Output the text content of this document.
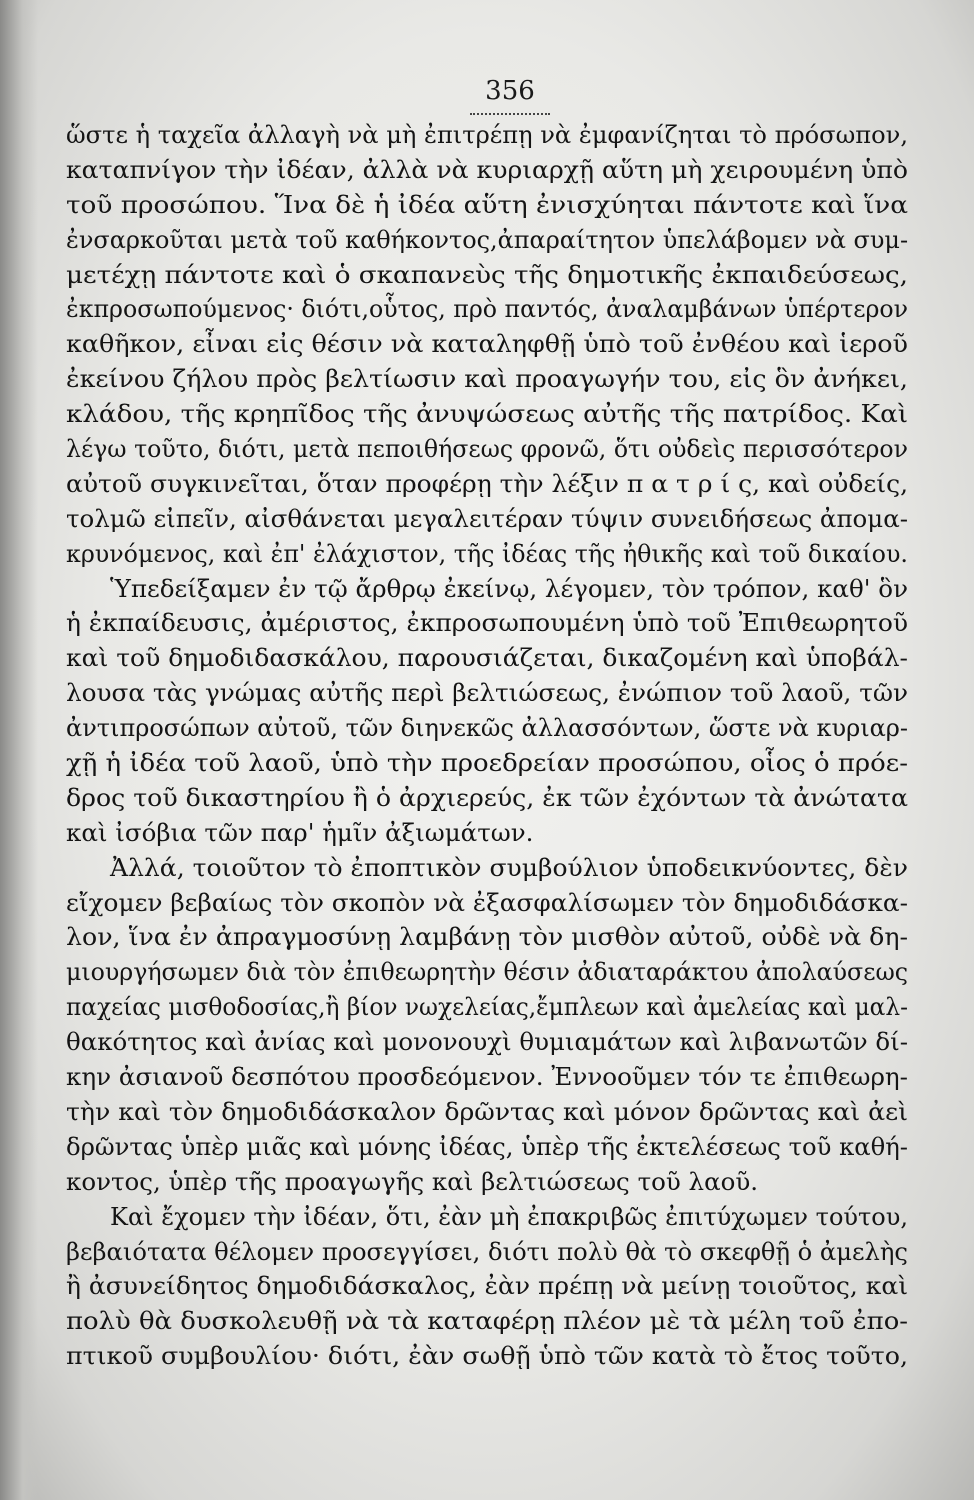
356
ὥστε ἡ ταχεῖα ἀλλαγὴ νὰ μὴ ἐπιτρέπῃ νὰ ἐμφανίζηται τὸ πρόσωπον,
καταπνίγον τὴν ἰδέαν, ἀλλὰ νὰ κυριαρχῇ αὕτη μὴ χειρουμένη ὑπὸ
τοῦ προσώπου. Ἵνα δὲ ἡ ἰδέα αὕτη ἐνισχύηται πάντοτε καὶ ἵνα
ἐνσαρκοῦται μετὰ τοῦ καθήκοντος,ἀπαραίτητον ὑπελάβομεν νὰ συμ-
μετέχῃ πάντοτε καὶ ὁ σκαπανεὺς τῆς δημοτικῆς ἐκπαιδεύσεως,
ἐκπροσωπούμενος· διότι,οὗτος, πρὸ παντός, ἀναλαμβάνων ὑπέρτερον
καθῆκον, εἶναι εἰς θέσιν νὰ καταληφθῇ ὑπὸ τοῦ ἐνθέου καὶ ἱεροῦ
ἐκείνου ζήλου πρὸς βελτίωσιν καὶ προαγωγήν του, εἰς ὃν ἀνήκει,
κλάδου, τῆς κρηπῖδος τῆς ἀνυψώσεως αὐτῆς τῆς πατρίδος. Καὶ
λέγω τοῦτο, διότι, μετὰ πεποιθήσεως φρονῶ, ὅτι οὐδεὶς περισσότερον
αὐτοῦ συγκινεῖται, ὅταν προφέρῃ τὴν λέξιν π α τ ρ ί ς, καὶ οὐδείς,
τολμῶ εἰπεῖν, αἰσθάνεται μεγαλειτέραν τύψιν συνειδήσεως ἀπομα-
κρυνόμενος, καὶ ἐπ' ἐλάχιστον, τῆς ἰδέας τῆς ἠθικῆς καὶ τοῦ δικαίου.
Ὑπεδείξαμεν ἐν τῷ ἄρθρῳ ἐκείνῳ, λέγομεν, τὸν τρόπον, καθ' ὃν
ἡ ἐκπαίδευσις, ἀμέριστος, ἐκπροσωπουμένη ὑπὸ τοῦ Ἐπιθεωρητοῦ
καὶ τοῦ δημοδιδασκάλου, παρουσιάζεται, δικαζομένη καὶ ὑποβάλ-
λουσα τὰς γνώμας αὐτῆς περὶ βελτιώσεως, ἐνώπιον τοῦ λαοῦ, τῶν
ἀντιπροσώπων αὐτοῦ, τῶν διηνεκῶς ἀλλασσόντων, ὥστε νὰ κυριαρ-
χῇ ἡ ἰδέα τοῦ λαοῦ, ὑπὸ τὴν προεδρείαν προσώπου, οἷος ὁ πρόε-
δρος τοῦ δικαστηρίου ἢ ὁ ἀρχιερεύς, ἐκ τῶν ἐχόντων τὰ ἀνώτατα
καὶ ἰσόβια τῶν παρ' ἡμῖν ἀξιωμάτων.
Ἀλλά, τοιοῦτον τὸ ἐποπτικὸν συμβούλιον ὑποδεικνύοντες, δὲν
εἴχομεν βεβαίως τὸν σκοπὸν νὰ ἐξασφαλίσωμεν τὸν δημοδιδάσκα-
λον, ἵνα ἐν ἀπραγμοσύνῃ λαμβάνῃ τὸν μισθὸν αὐτοῦ, οὐδὲ νὰ δη-
μιουργήσωμεν διὰ τὸν ἐπιθεωρητὴν θέσιν ἀδιαταράκτου ἀπολαύσεως
παχείας μισθοδοσίας,ἢ βίον νωχελείας,ἔμπλεων καὶ ἀμελείας καὶ μαλ-
θακότητος καὶ ἀνίας καὶ μονονουχὶ θυμιαμάτων καὶ λιβανωτῶν δί-
κην ἀσιανοῦ δεσπότου προσδεόμενον. Ἐννοοῦμεν τόν τε ἐπιθεωρη-
τὴν καὶ τὸν δημοδιδάσκαλον δρῶντας καὶ μόνον δρῶντας καὶ ἀεὶ
δρῶντας ὑπὲρ μιᾶς καὶ μόνης ἰδέας, ὑπὲρ τῆς ἐκτελέσεως τοῦ καθή-
κοντος, ὑπὲρ τῆς προαγωγῆς καὶ βελτιώσεως τοῦ λαοῦ.
Καὶ ἔχομεν τὴν ἰδέαν, ὅτι, ἐὰν μὴ ἐπακριβῶς ἐπιτύχωμεν τούτου,
βεβαιότατα θέλομεν προσεγγίσει, διότι πολὺ θὰ τὸ σκεφθῇ ὁ ἀμελὴς
ἢ ἀσυνείδητος δημοδιδάσκαλος, ἐὰν πρέπῃ νὰ μείνῃ τοιοῦτος, καὶ
πολὺ θὰ δυσκολευθῇ νὰ τὰ καταφέρῃ πλέον μὲ τὰ μέλη τοῦ ἐπο-
πτικοῦ συμβουλίου· διότι, ἐὰν σωθῇ ὑπὸ τῶν κατὰ τὸ ἔτος τοῦτο,
